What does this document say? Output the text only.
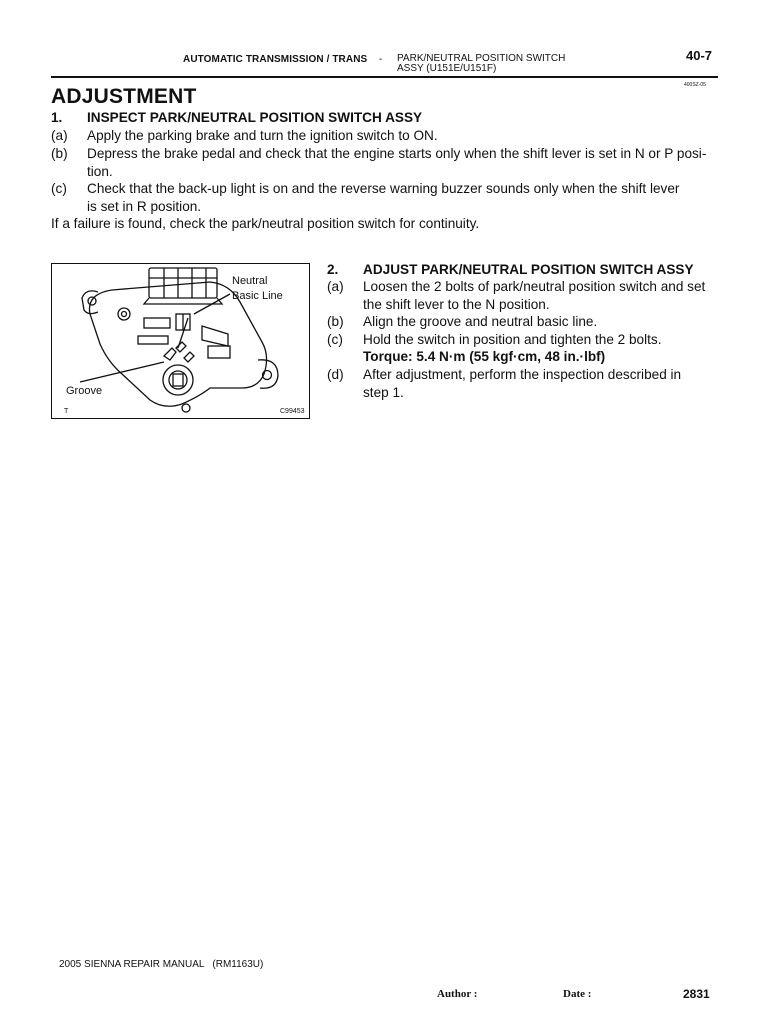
AUTOMATIC TRANSMISSION / TRANS - PARK/NEUTRAL POSITION SWITCH
ASSY (U151E/U151F)
40-7
400SZ-05
ADJUSTMENT
1. INSPECT PARK/NEUTRAL POSITION SWITCH ASSY
(a) Apply the parking brake and turn the ignition switch to ON.
(b) Depress the brake pedal and check that the engine starts only when the shift lever is set in N or P posi-
tion.
(c) Check that the back-up light is on and the reverse warning buzzer sounds only when the shift lever
is set in R position.
If a failure is found, check the park/neutral position switch for continuity.
Neutral
Basic Line
Groove
T	C99453
2. ADJUST PARK/NEUTRAL POSITION SWITCH ASSY
(a) Loosen the 2 bolts of park/neutral position switch and set
the shift lever to the N position.
(b) Align the groove and neutral basic line.
(c) Hold the switch in position and tighten the 2 bolts.
Torque: 5.4 N·m (55 kgf·cm, 48 in.·lbf)
(d) After adjustment, perform the inspection described in
step 1.
2005 SIENNA REPAIR MANUAL   (RM1163U)
Author :	Date :	2831
